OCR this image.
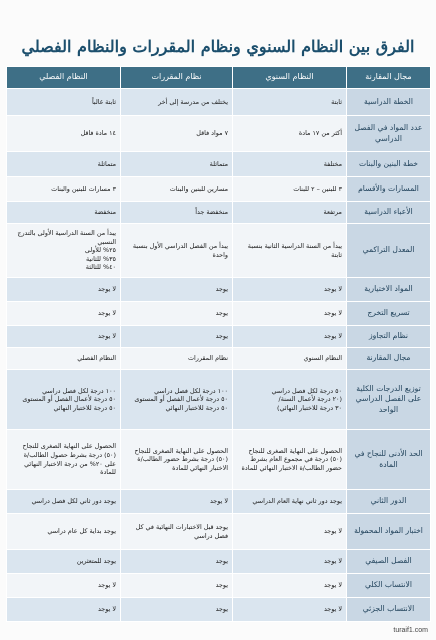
الفرق بين النظام السنوي ونظام المقررات والنظام الفصلي
مجال المقارنة	النظام السنوي	نظام المقررات	النظام الفصلي
الخطة الدراسية	ثابتة	يختلف من مدرسة إلى أخر	ثابتة غالباً

عدد المواد في الفصل الدراسي	أكثر من ١٧ مادة	٧ مواد فاقل	١٤ مادة فاقل

خطة البنين والبنات	مختلفة	متماثلة	متماثلة

المسارات والأقسام	٣ للبنين – ٢ للبنات	مسارين للبنين والبنات	٣ مسارات للبنين والبنات

الأعباء الدراسية	مرتفعة	منخفضة جداً	منخفضة

المعدل التراكمي	يبدأ من السنة الدراسية الثانية بنسبة ثابتة	يبدأ من الفصل الدراسي الأول بنسبة واحدة	يبدأ من السنة الدراسية الأولى بالتدرج النسبي
٢٥% للأولى
٣٥% للثانية
٤٠% للثالثة

المواد الاختيارية	لا يوجد	يوجد	لا يوجد

تسريع التخرج	لا يوجد	يوجد	لا يوجد

نظام التجاوز	لا يوجد	يوجد	لا يوجد

مجال المقارنة	النظام السنوي	نظام المقررات	النظام الفصلي

توزيع الدرجات الكلية على الفصل الدراسي الواحد	٥٠ درجة لكل فصل دراسي
(٢٠ درجة لأعمال السنة/
٣٠ درجة للاختبار النهائي)	١٠٠ درجة لكل فصل دراسي
٥٠ درجة لأعمال الفصل أو المستوى
٥٠ درجة للاختبار النهائي	١٠٠ درجة لكل فصل دراسي
٥٠ درجة لأعمال الفصل أو المستوى
٥٠ درجة للاختبار النهائي

الحد الأدنى للنجاح في المادة	الحصول على النهاية الصغرى للنجاح (٥٠) درجة في مجموع العام بشرط حضور الطالب/ة الاختبار النهائي للمادة	الحصول على النهاية الصغرى للنجاح (٥٠) درجة بشرط حضور الطالب/ة الاختبار النهائي للمادة	الحصول على النهاية الصغرى للنجاح (٥٠) درجة بشرط حصول الطالب/ة على ٢٠% من درجة الاختبار النهائي للمادة

الدور الثاني	يوجد دور ثاني نهاية العام الدراسي	لا يوجد	يوجد دور ثاني لكل فصل دراسي

اختبار المواد المحمولة	لا يوجد	يوجد قبل الاختبارات النهائية في كل فصل دراسي	يوجد بداية كل عام دراسي

الفصل الصيفي	لا يوجد	يوجد	يوجد للمتعثرين

الانتساب الكلي	لا يوجد	يوجد	لا يوجد

الانتساب الجزئي	لا يوجد	يوجد	لا يوجد
turaif1.com
